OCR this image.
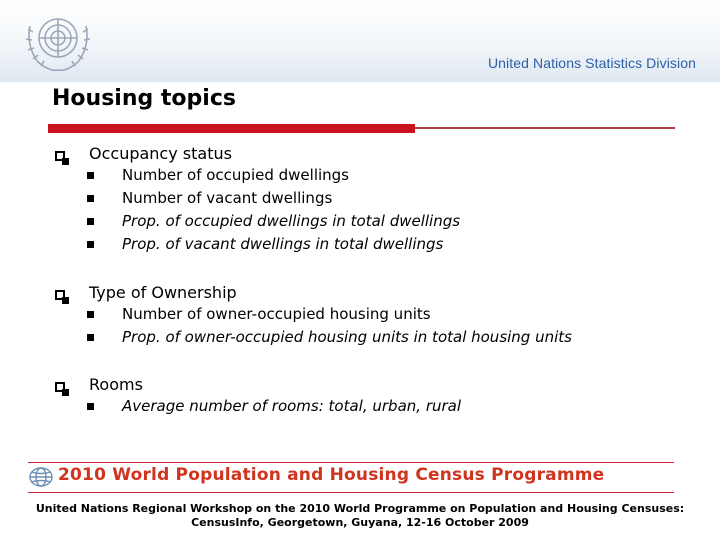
United Nations Statistics Division
Housing topics
Occupancy status
Number of occupied dwellings
Number of vacant dwellings
Prop. of occupied dwellings in total dwellings
Prop. of vacant dwellings in total dwellings
Type of Ownership
Number of owner-occupied housing units
Prop. of owner-occupied housing units in total housing units
Rooms
Average number of rooms: total, urban, rural
2010 World Population and Housing Census Programme
United Nations Regional Workshop on the 2010 World Programme on Population and Housing Censuses:
CensusInfo, Georgetown, Guyana, 12-16 October 2009
